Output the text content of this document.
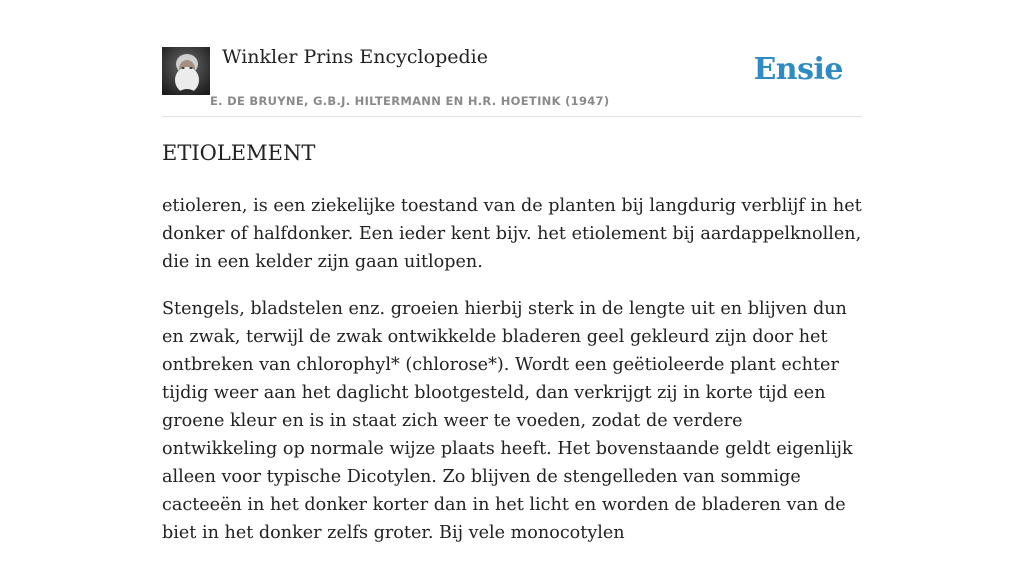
Winkler Prins Encyclopedie
E. DE BRUYNE, G.B.J. HILTERMANN EN H.R. HOETINK (1947)
Ensie
ETIOLEMENT

etioleren, is een ziekelijke toestand van de planten bij langdurig verblijf in het donker of halfdonker. Een ieder kent bijv. het etiolement bij aardappelknollen, die in een kelder zijn gaan uitlopen.

Stengels, bladstelen enz. groeien hierbij sterk in de lengte uit en blijven dun en zwak, terwijl de zwak ontwikkelde bladeren geel gekleurd zijn door het ontbreken van chlorophyl* (chlorose*). Wordt een geëtioleerde plant echter tijdig weer aan het daglicht blootgesteld, dan verkrijgt zij in korte tijd een groene kleur en is in staat zich weer te voeden, zodat de verdere ontwikkeling op normale wijze plaats heeft. Het bovenstaande geldt eigenlijk alleen voor typische Dicotylen. Zo blijven de stengelleden van sommige cacteeën in het donker korter dan in het licht en worden de bladeren van de biet in het donker zelfs groter. Bij vele monocotylen
